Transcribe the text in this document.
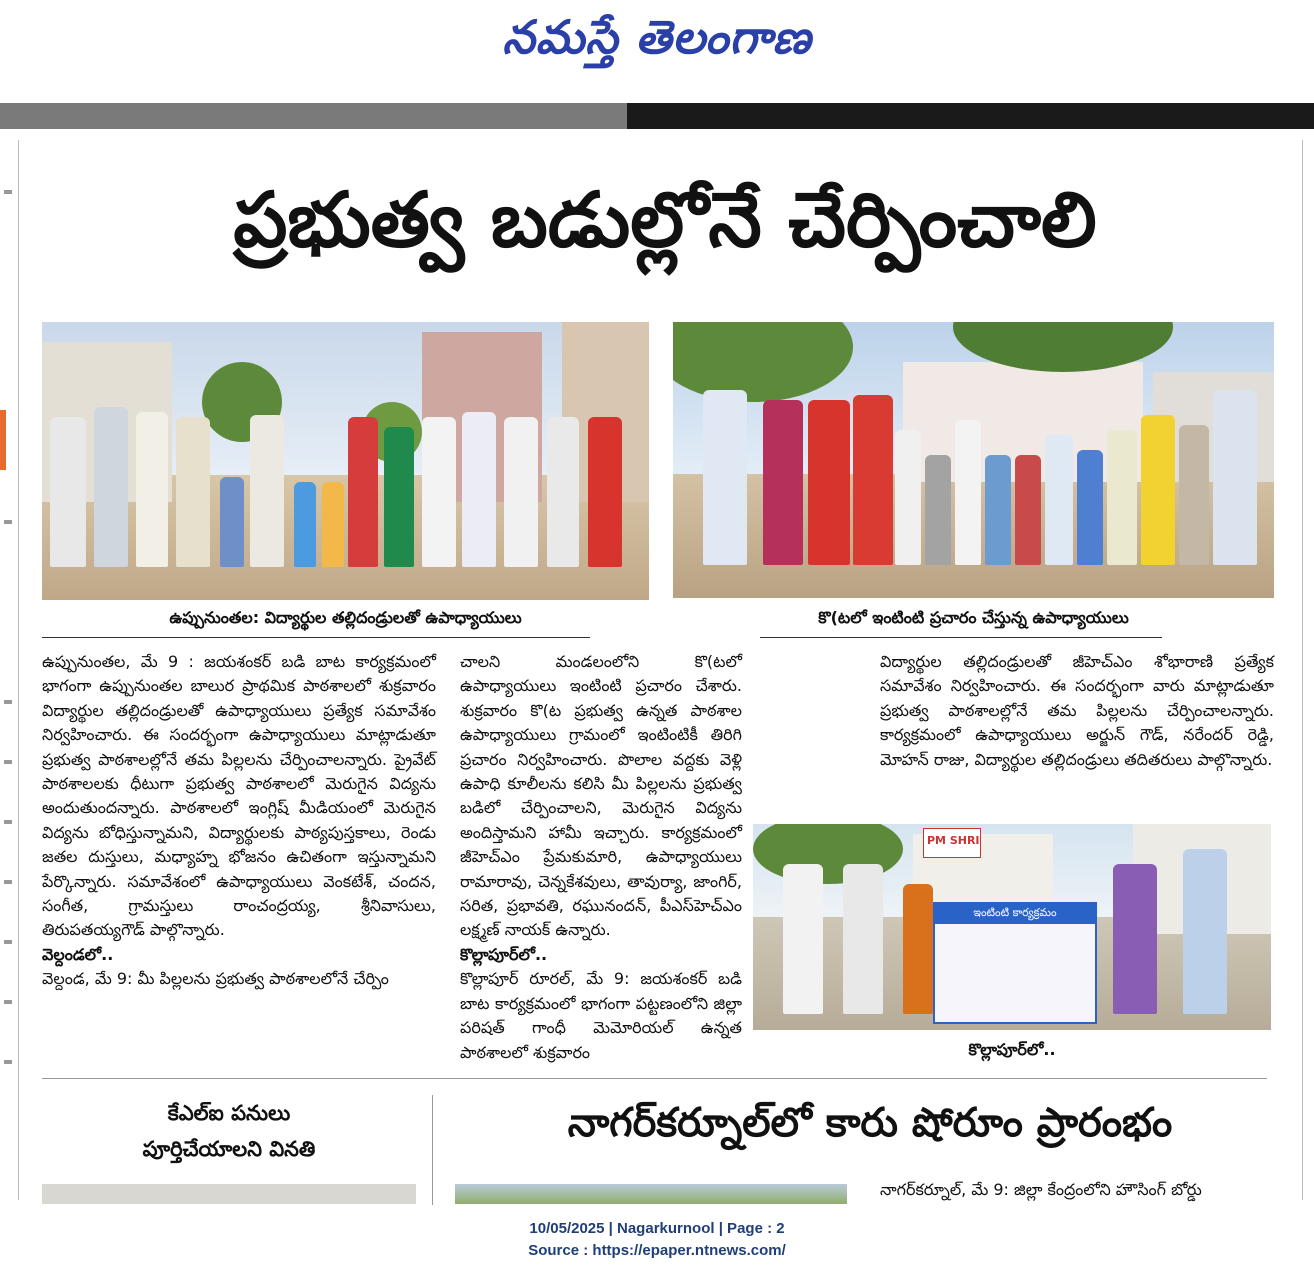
నమస్తే తెలంగాణ
ప్రభుత్వ బడుల్లోనే చేర్పించాలి
ఉప్పునుంతల: విద్యార్థుల తల్లిదండ్రులతో ఉపాధ్యాయులు	కొ(టలో ఇంటింటి ప్రచారం చేస్తున్న ఉపాధ్యాయులు

ఉప్పునుంతల, మే 9 : జయశంకర్ బడి బాట కార్యక్రమంలో భాగంగా ఉప్పునుంతల బాలుర ప్రాథమిక పాఠశాలలో శుక్రవారం విద్యార్థుల తల్లిదండ్రులతో ఉపాధ్యాయులు ప్రత్యేక సమావేశం నిర్వహించారు. ఈ సందర్భంగా ఉపాధ్యాయులు మాట్లాడుతూ ప్రభుత్వ పాఠశాలల్లోనే తమ పిల్లలను చేర్పించాలన్నారు. ప్రైవేట్ పాఠశాలలకు ధీటుగా ప్రభుత్వ పాఠశాలలో మెరుగైన విద్యను అందుతుందన్నారు. పాఠశాలలో ఇంగ్లిష్ మీడియంలో మెరుగైన విద్యను బోధిస్తున్నామని, విద్యార్థులకు పాఠ్యపుస్తకాలు, రెండు జతల దుస్తులు, మధ్యాహ్న భోజనం ఉచితంగా ఇస్తున్నామని పేర్కొన్నారు. సమావేశంలో ఉపాధ్యాయులు వెంకటేశ్, చందన, సంగీత, గ్రామస్తులు రాంచంద్రయ్య, శ్రీనివాసులు, తిరుపతయ్యగౌడ్ పాల్గొన్నారు.

వెల్దండలో..

వెల్దండ, మే 9: మీ పిల్లలను ప్రభుత్వ పాఠశాలలోనే చేర్పిం

చాలని మండలంలోని కొ(టలో ఉపాధ్యాయులు ఇంటింటి ప్రచారం చేశారు. శుక్రవారం కొ(ట ప్రభుత్వ ఉన్నత పాఠశాల ఉపాధ్యాయులు గ్రామంలో ఇంటింటికీ తిరిగి ప్రచారం నిర్వహించారు. పొలాల వద్దకు వెళ్లి ఉపాధి కూలీలను కలిసి మీ పిల్లలను ప్రభుత్వ బడిలో చేర్పించాలని, మెరుగైన విద్యను అందిస్తామని హామీ ఇచ్చారు. కార్యక్రమంలో జీహెచ్‌ఎం ప్రేమకుమారి, ఉపాధ్యాయులు రామారావు, చెన్నకేశవులు, తావుర్యా, జాంగిర్, సరిత, ప్రభావతి, రఘునందన్, పీఎస్‌హెచ్‌ఎం లక్ష్మణ్ నాయక్ ఉన్నారు.

కొల్లాపూర్‌లో..

కొల్లాపూర్ రూరల్, మే 9: జయశంకర్ బడి బాట కార్యక్రమంలో భాగంగా పట్టణంలోని జిల్లా పరిషత్ గాంధీ మెమోరియల్ ఉన్నత పాఠశాలలో శుక్రవారం

విద్యార్థుల తల్లిదండ్రులతో జీహెచ్‌ఎం శోభారాణి ప్రత్యేక సమావేశం నిర్వహించారు. ఈ సందర్భంగా వారు మాట్లాడుతూ ప్రభుత్వ పాఠశాలల్లోనే తమ పిల్లలను చేర్పించాలన్నారు. కార్యక్రమంలో ఉపాధ్యాయులు అర్జున్ గౌడ్, నరేందర్ రెడ్డి, మోహన్ రాజు, విద్యార్థుల తల్లిదండ్రులు తదితరులు పాల్గొన్నారు.

PM SHRI
ఇంటింటి కార్యక్రమం
కొల్లాపూర్‌లో..
కేఎల్ఐ పనులు
పూర్తిచేయాలని వినతి
నాగర్‌కర్నూల్‌లో కారు షోరూం ప్రారంభం
నాగర్‌కర్నూల్, మే 9: జిల్లా కేంద్రంలోని హౌసింగ్ బోర్డు
10/05/2025 | Nagarkurnool | Page : 2
Source : https://epaper.ntnews.com/
